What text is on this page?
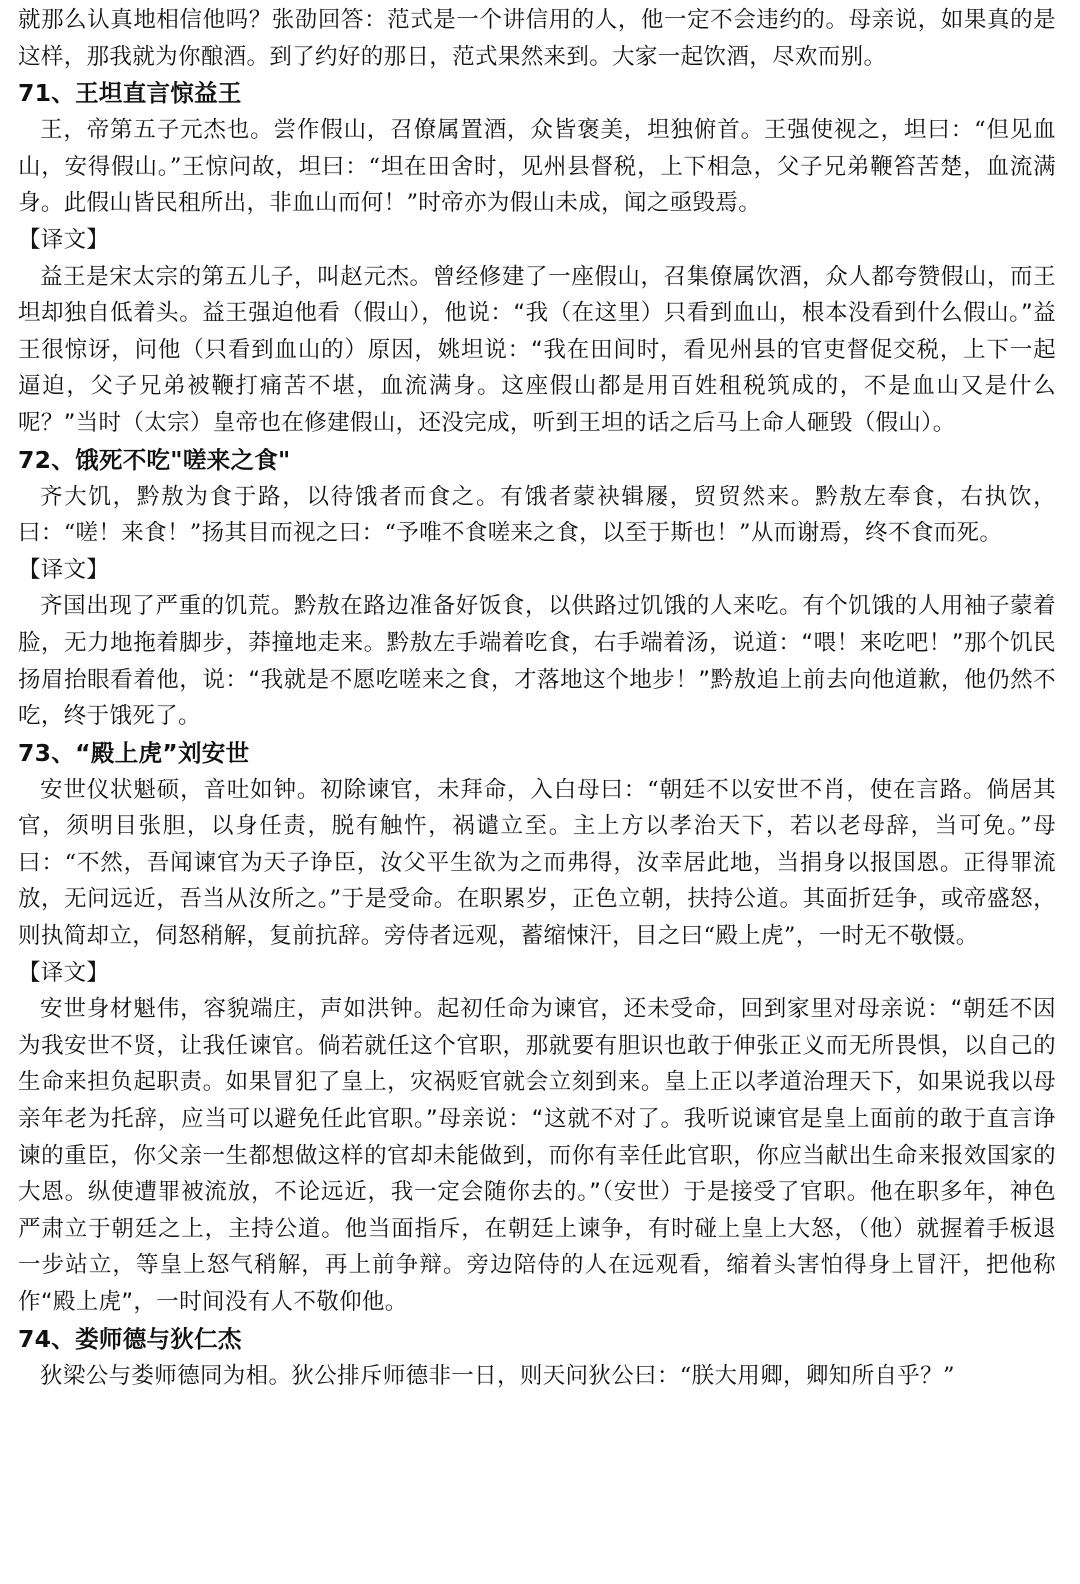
就那么认真地相信他吗？张劭回答：范式是一个讲信用的人，他一定不会违约的。母亲说，如果真的是这样，那我就为你酿酒。到了约好的那日，范式果然来到。大家一起饮酒，尽欢而别。

71、王坦直言惊益王

王，帝第五子元杰也。尝作假山，召僚属置酒，众皆褒美，坦独俯首。王强使视之，坦曰：“但见血山，安得假山。”王惊问故，坦曰：“坦在田舍时，见州县督税，上下相急，父子兄弟鞭笞苦楚，血流满身。此假山皆民租所出，非血山而何！”时帝亦为假山未成，闻之亟毁焉。

【译文】

益王是宋太宗的第五儿子，叫赵元杰。曾经修建了一座假山，召集僚属饮酒，众人都夸赞假山，而王坦却独自低着头。益王强迫他看（假山），他说：“我（在这里）只看到血山，根本没看到什么假山。”益王很惊讶，问他（只看到血山的）原因，姚坦说：“我在田间时，看见州县的官吏督促交税，上下一起逼迫，父子兄弟被鞭打痛苦不堪，血流满身。这座假山都是用百姓租税筑成的，不是血山又是什么呢？”当时（太宗）皇帝也在修建假山，还没完成，听到王坦的话之后马上命人砸毁（假山）。

72、饿死不吃"嗟来之食"

齐大饥，黔敖为食于路，以待饿者而食之。有饿者蒙袂辑屦，贸贸然来。黔敖左奉食，右执饮，曰：“嗟！来食！”扬其目而视之曰：“予唯不食嗟来之食，以至于斯也！”从而谢焉，终不食而死。

【译文】

齐国出现了严重的饥荒。黔敖在路边准备好饭食，以供路过饥饿的人来吃。有个饥饿的人用袖子蒙着脸，无力地拖着脚步，莽撞地走来。黔敖左手端着吃食，右手端着汤，说道：“喂！来吃吧！”那个饥民扬眉抬眼看着他，说：“我就是不愿吃嗟来之食，才落地这个地步！”黔敖追上前去向他道歉，他仍然不吃，终于饿死了。

73、“殿上虎”刘安世

安世仪状魁硕，音吐如钟。初除谏官，未拜命，入白母曰：“朝廷不以安世不肖，使在言路。倘居其官，须明目张胆，以身任责，脱有触忤，祸谴立至。主上方以孝治天下，若以老母辞，当可免。”母曰：“不然，吾闻谏官为天子诤臣，汝父平生欲为之而弗得，汝幸居此地，当捐身以报国恩。正得罪流放，无问远近，吾当从汝所之。”于是受命。在职累岁，正色立朝，扶持公道。其面折廷争，或帝盛怒，则执简却立，伺怒稍解，复前抗辞。旁侍者远观，蓄缩悚汗，目之曰“殿上虎”，一时无不敬慑。

【译文】

安世身材魁伟，容貌端庄，声如洪钟。起初任命为谏官，还未受命，回到家里对母亲说：“朝廷不因为我安世不贤，让我任谏官。倘若就任这个官职，那就要有胆识也敢于伸张正义而无所畏惧，以自己的生命来担负起职责。如果冒犯了皇上，灾祸贬官就会立刻到来。皇上正以孝道治理天下，如果说我以母亲年老为托辞，应当可以避免任此官职。”母亲说：“这就不对了。我听说谏官是皇上面前的敢于直言诤谏的重臣，你父亲一生都想做这样的官却未能做到，而你有幸任此官职，你应当献出生命来报效国家的大恩。纵使遭罪被流放，不论远近，我一定会随你去的。”（安世）于是接受了官职。他在职多年，神色严肃立于朝廷之上，主持公道。他当面指斥，在朝廷上谏争，有时碰上皇上大怒，（他）就握着手板退一步站立，等皇上怒气稍解，再上前争辩。旁边陪侍的人在远观看，缩着头害怕得身上冒汗，把他称作“殿上虎”，一时间没有人不敬仰他。

74、娄师德与狄仁杰

狄梁公与娄师德同为相。狄公排斥师德非一日，则天问狄公曰：“朕大用卿，卿知所自乎？”
